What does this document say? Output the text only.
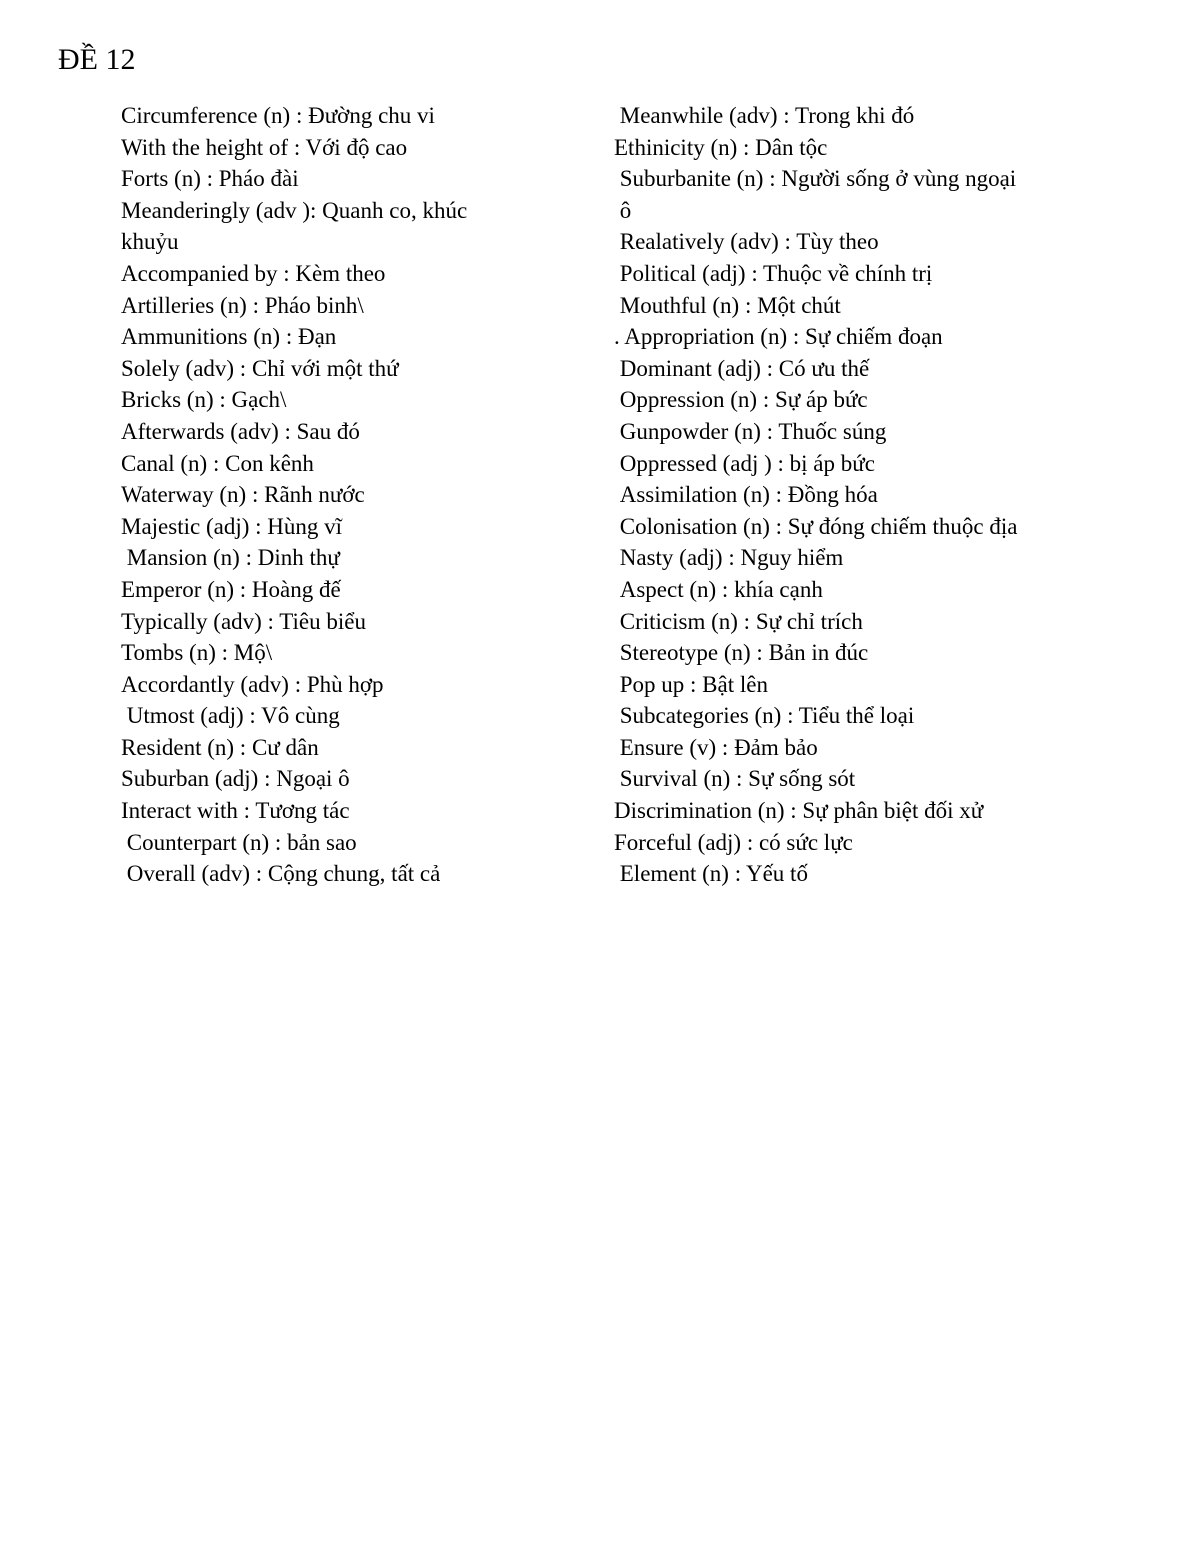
ĐỀ 12
Circumference (n) : Đường chu vi
With the height of : Với độ cao
Forts (n) : Pháo đài
Meanderingly (adv ): Quanh co, khúc
khuỷu
Accompanied by : Kèm theo
Artilleries (n) : Pháo binh\
Ammunitions (n) : Đạn
Solely (adv) : Chỉ với một thứ
Bricks (n) : Gạch\
Afterwards (adv) : Sau đó
Canal (n) : Con kênh
Waterway (n) : Rãnh nước
Majestic (adj) : Hùng vĩ
Mansion (n) : Dinh thự
Emperor (n) : Hoàng đế
Typically (adv) : Tiêu biểu
Tombs (n) : Mộ\
Accordantly (adv) : Phù hợp
Utmost (adj) : Vô cùng
Resident (n) : Cư dân
Suburban (adj) : Ngoại ô
Interact with : Tương tác
Counterpart (n) : bản sao
Overall (adv) : Cộng chung, tất cả
Meanwhile (adv) : Trong khi đó
Ethinicity (n) : Dân tộc
Suburbanite (n) : Người sống ở vùng ngoại
ô
Realatively (adv) : Tùy theo
Political (adj) : Thuộc về chính trị
Mouthful (n) : Một chút
. Appropriation (n) : Sự chiếm đoạn
Dominant (adj) : Có ưu thế
Oppression (n) : Sự áp bức
Gunpowder (n) : Thuốc súng
Oppressed (adj ) : bị áp bức
Assimilation (n) : Đồng hóa
Colonisation (n) : Sự đóng chiếm thuộc địa
Nasty (adj) : Nguy hiểm
Aspect (n) : khía cạnh
Criticism (n) : Sự chỉ trích
Stereotype (n) : Bản in đúc
Pop up : Bật lên
Subcategories (n) : Tiểu thể loại
Ensure (v) : Đảm bảo
Survival (n) : Sự sống sót
Discrimination (n) : Sự phân biệt đối xử
Forceful (adj) : có sức lực
Element (n) : Yếu tố
